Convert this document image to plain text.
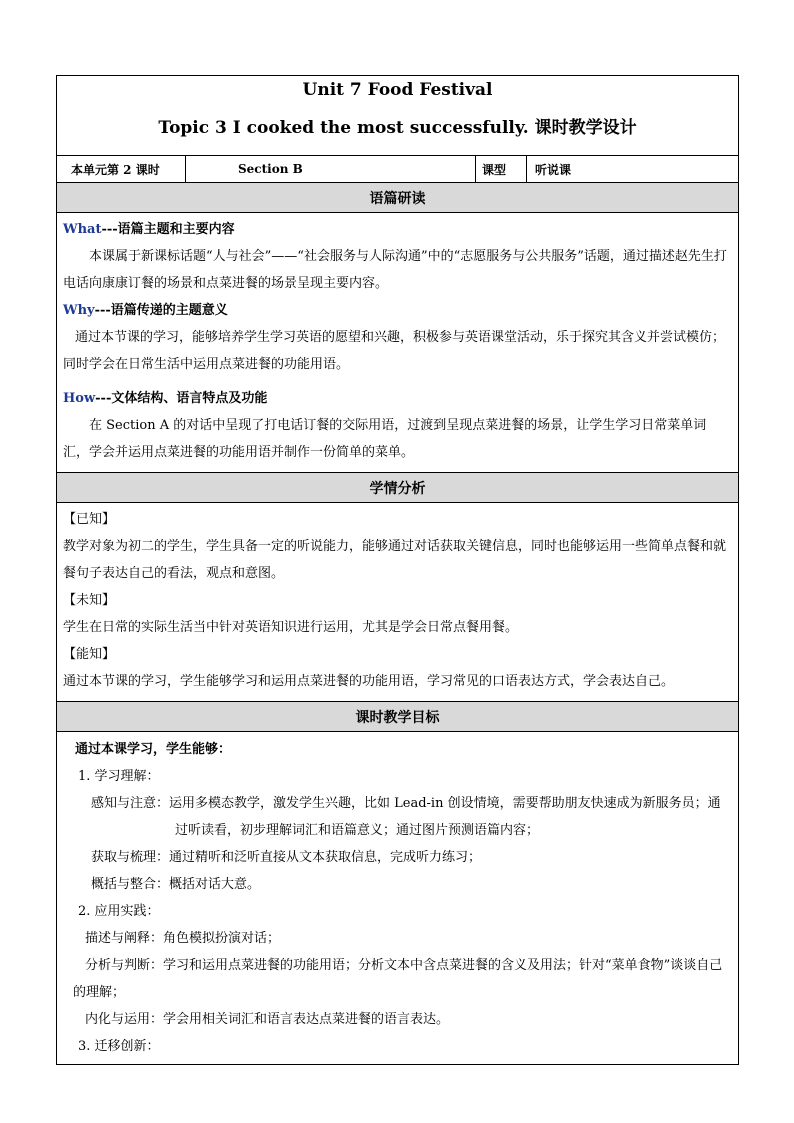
Unit 7 Food Festival
Topic 3 I cooked the most successfully. 课时教学设计

本单元第 2 课时	Section B	课型	听说课
语篇研读

What---语篇主题和主要内容

本课属于新课标话题“人与社会”——“社会服务与人际沟通”中的“志愿服务与公共服务”话题，通过描述赵先生打电话向康康订餐的场景和点菜进餐的场景呈现主要内容。

Why---语篇传递的主题意义

通过本节课的学习，能够培养学生学习英语的愿望和兴趣，积极参与英语课堂活动，乐于探究其含义并尝试模仿；同时学会在日常生活中运用点菜进餐的功能用语。

How---文体结构、语言特点及功能

在 Section A 的对话中呈现了打电话订餐的交际用语，过渡到呈现点菜进餐的场景，让学生学习日常菜单词汇，学会并运用点菜进餐的功能用语并制作一份简单的菜单。

学情分析

【已知】

教学对象为初二的学生，学生具备一定的听说能力，能够通过对话获取关键信息，同时也能够运用一些简单点餐和就餐句子表达自己的看法，观点和意图。

【未知】

学生在日常的实际生活当中针对英语知识进行运用，尤其是学会日常点餐用餐。

【能知】

通过本节课的学习，学生能够学习和运用点菜进餐的功能用语，学习常见的口语表达方式，学会表达自己。

课时教学目标

通过本课学习，学生能够：

1. 学习理解：

感知与注意：运用多模态教学，激发学生兴趣，比如 Lead-in 创设情境，需要帮助朋友快速成为新服务员；通过听读看，初步理解词汇和语篇意义；通过图片预测语篇内容；

获取与梳理：通过精听和泛听直接从文本获取信息，完成听力练习；

概括与整合：概括对话大意。

2. 应用实践：

描述与阐释：角色模拟扮演对话；

分析与判断：学习和运用点菜进餐的功能用语；分析文本中含点菜进餐的含义及用法；针对“菜单食物”谈谈自己的理解；

内化与运用：学会用相关词汇和语言表达点菜进餐的语言表达。

3. 迁移创新：
